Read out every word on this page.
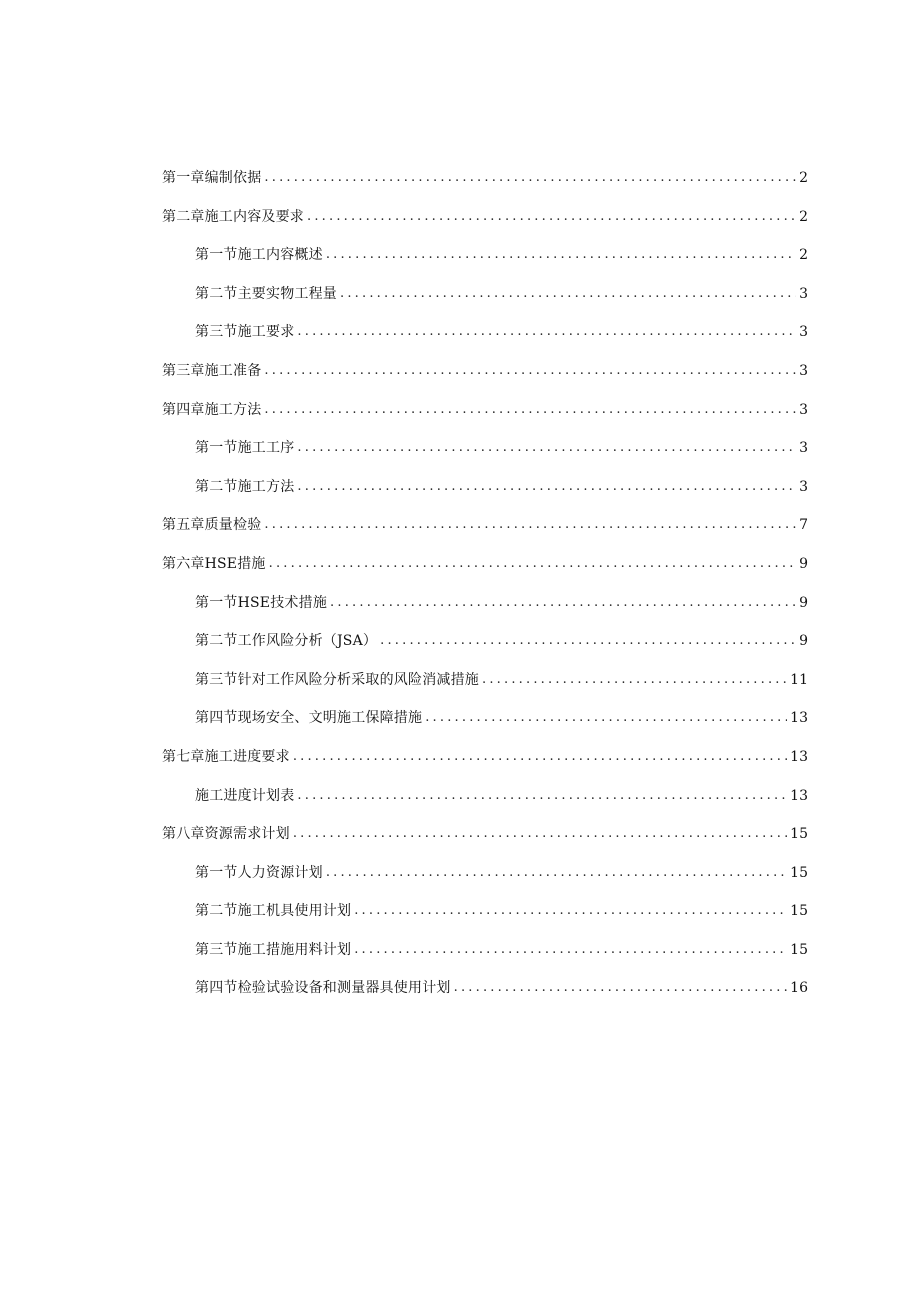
第一章编制依据 .....	2
第二章施工内容及要求 .....	2
第一节施工内容概述 .....	2
第二节主要实物工程量 .....	3
第三节施工要求 .....	3
第三章施工准备 .....	3
第四章施工方法 .....	3
第一节施工工序 .....	3
第二节施工方法 .....	3
第五章质量检验 .....	7
第六章HSE措施 .....	9
第一节HSE技术措施 .....	9
第二节工作风险分析（JSA） .....	9
第三节针对工作风险分析采取的风险消减措施 .....	11
第四节现场安全、文明施工保障措施 .....	13
第七章施工进度要求 .....	13
施工进度计划表 .....	13
第八章资源需求计划 .....	15
第一节人力资源计划 .....	15
第二节施工机具使用计划 .....	15
第三节施工措施用料计划 .....	15
第四节检验试验设备和测量器具使用计划 .....	16
